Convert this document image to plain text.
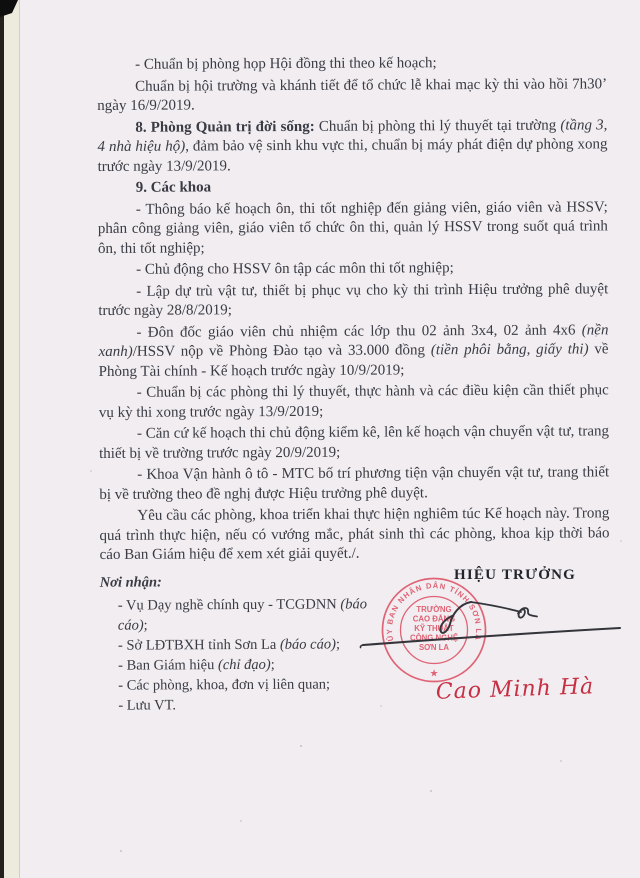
- Chuẩn bị phòng họp Hội đồng thi theo kế hoạch;

Chuẩn bị hội trường và khánh tiết để tổ chức lễ khai mạc kỳ thi vào hồi 7h30’ ngày 16/9/2019.

8. Phòng Quản trị đời sống: Chuẩn bị phòng thi lý thuyết tại trường (tầng 3, 4 nhà hiệu hộ), đảm bảo vệ sinh khu vực thi, chuẩn bị máy phát điện dự phòng xong trước ngày 13/9/2019.

9. Các khoa

- Thông báo kế hoạch ôn, thi tốt nghiệp đến giảng viên, giáo viên và HSSV; phân công giảng viên, giáo viên tổ chức ôn thi, quản lý HSSV trong suốt quá trình ôn, thi tốt nghiệp;

- Chủ động cho HSSV ôn tập các môn thi tốt nghiệp;

- Lập dự trù vật tư, thiết bị phục vụ cho kỳ thi trình Hiệu trưởng phê duyệt trước ngày 28/8/2019;

- Đôn đốc giáo viên chủ nhiệm các lớp thu 02 ảnh 3x4, 02 ảnh 4x6 (nền xanh)/HSSV nộp về Phòng Đào tạo và 33.000 đồng (tiền phôi bằng, giấy thi) về Phòng Tài chính - Kế hoạch trước ngày 10/9/2019;

- Chuẩn bị các phòng thi lý thuyết, thực hành và các điều kiện cần thiết phục vụ kỳ thi xong trước ngày 13/9/2019;

- Căn cứ kế hoạch thi chủ động kiểm kê, lên kế hoạch vận chuyển vật tư, trang thiết bị về trường trước ngày 20/9/2019;

- Khoa Vận hành ô tô - MTC bố trí phương tiện vận chuyển vật tư, trang thiết bị về trường theo đề nghị được Hiệu trưởng phê duyệt.

Yêu cầu các phòng, khoa triển khai thực hiện nghiêm túc Kế hoạch này. Trong quá trình thực hiện, nếu có vướng mắc, phát sinh thì các phòng, khoa kịp thời báo cáo Ban Giám hiệu để xem xét giải quyết./.

Nơi nhận:
- Vụ Dạy nghề chính quy - TCGDNN (báo cáo);
- Sở LĐTBXH tỉnh Sơn La (báo cáo);
- Ban Giám hiệu (chỉ đạo);
- Các phòng, khoa, đơn vị liên quan;
- Lưu VT.
HIỆU TRƯỞNG
ỦY BAN NHÂN DÂN TỈNH SƠN LA
★
TRƯỜNG
CAO ĐẲNG
KỸ THUẬT
CÔNG NGHỆ
SƠN LA
Cao Minh Hà
